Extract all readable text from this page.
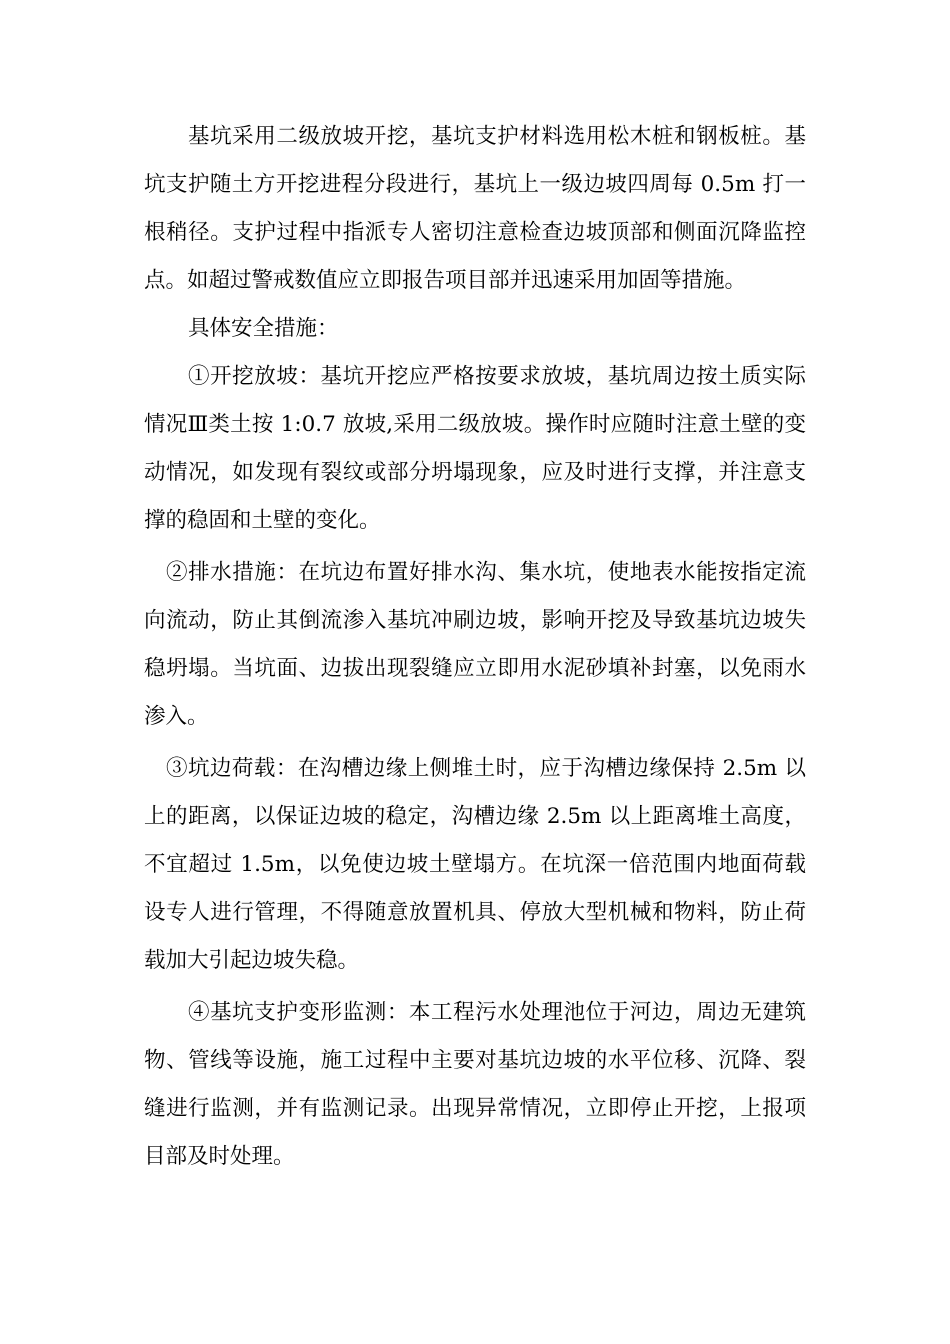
基坑采用二级放坡开挖，基坑支护材料选用松木桩和钢板桩。基坑支护随土方开挖进程分段进行，基坑上一级边坡四周每 0.5m 打一根稍径。支护过程中指派专人密切注意检查边坡顶部和侧面沉降监控点。如超过警戒数值应立即报告项目部并迅速采用加固等措施。

具体安全措施：

①开挖放坡：基坑开挖应严格按要求放坡，基坑周边按土质实际情况Ⅲ类土按 1:0.7 放坡,采用二级放坡。操作时应随时注意土壁的变动情况，如发现有裂纹或部分坍塌现象，应及时进行支撑，并注意支撑的稳固和土壁的变化。

②排水措施：在坑边布置好排水沟、集水坑，使地表水能按指定流向流动，防止其倒流渗入基坑冲刷边坡，影响开挖及导致基坑边坡失稳坍塌。当坑面、边拔出现裂缝应立即用水泥砂填补封塞，以免雨水渗入。

③坑边荷载：在沟槽边缘上侧堆土时，应于沟槽边缘保持 2.5m 以上的距离，以保证边坡的稳定，沟槽边缘 2.5m 以上距离堆土高度，不宜超过 1.5m，以免使边坡土壁塌方。在坑深一倍范围内地面荷载设专人进行管理，不得随意放置机具、停放大型机械和物料，防止荷载加大引起边坡失稳。

④基坑支护变形监测：本工程污水处理池位于河边，周边无建筑物、管线等设施，施工过程中主要对基坑边坡的水平位移、沉降、裂缝进行监测，并有监测记录。出现异常情况，立即停止开挖，上报项目部及时处理。
